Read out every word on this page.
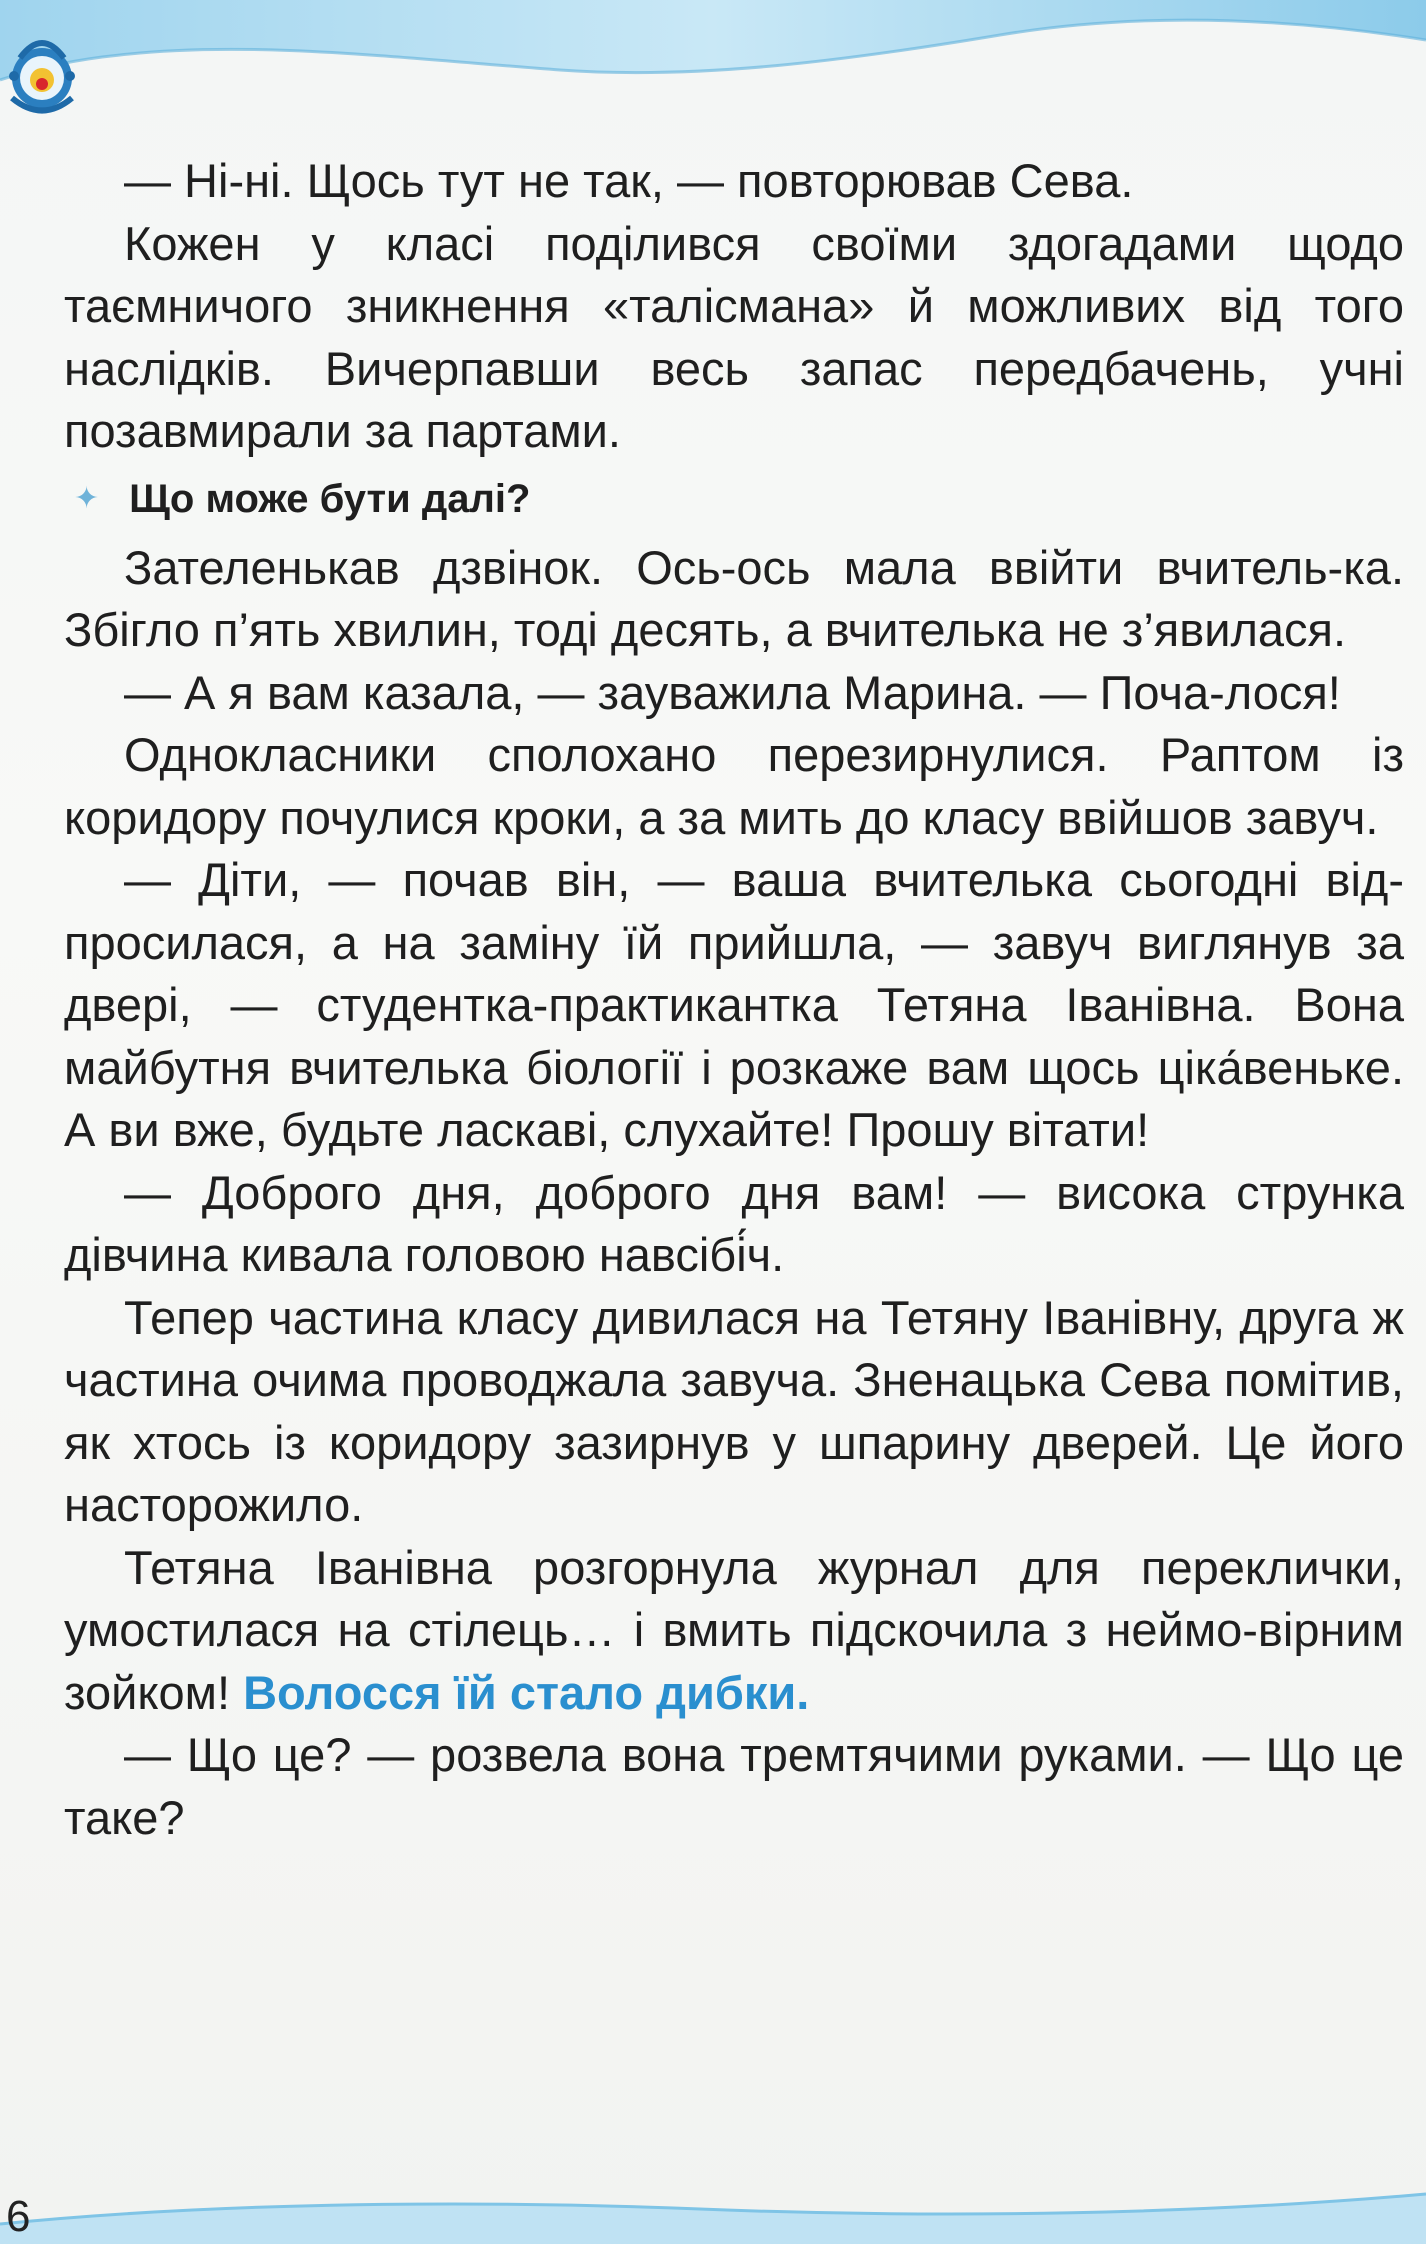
— Ні-ні. Щось тут не так, — повторював Сева.

Кожен у класі поділився своїми здогадами щодо таємничого зникнення «талісмана» й можливих від того наслідків. Вичерпавши весь запас передбачень, учні позавмирали за партами.

✦ Що може бути далі?

Зателенькав дзвінок. Ось-ось мала ввійти вчитель-ка. Збігло п’ять хвилин, тоді десять, а вчителька не з’явилася.

— А я вам казала, — зауважила Марина. — Поча-лося!

Однокласники сполохано перезирнулися. Раптом із коридору почулися кроки, а за мить до класу ввійшов завуч.

— Діти, — почав він, — ваша вчителька сьогодні від-просилася, а на заміну їй прийшла, — завуч виглянув за двері, — студентка-практикантка Тетяна Іванівна. Вона майбутня вчителька біології і розкаже вам щось ціка́веньке. А ви вже, будьте ласкаві, слухайте! Прошу вітати!

— Доброго дня, доброго дня вам! — висока струнка дівчина кивала головою навсібі́ч.

Тепер частина класу дивилася на Тетяну Іванівну, друга ж частина очима проводжала завуча. Зненацька Сева помітив, як хтось із коридору зазирнув у шпарину дверей. Це його насторожило.

Тетяна Іванівна розгорнула журнал для переклички, умостилася на стілець… і вмить підскочила з неймо-вірним зойком! Волосся їй стало дибки.

— Що це? — розвела вона тремтячими руками. — Що це таке?

6
